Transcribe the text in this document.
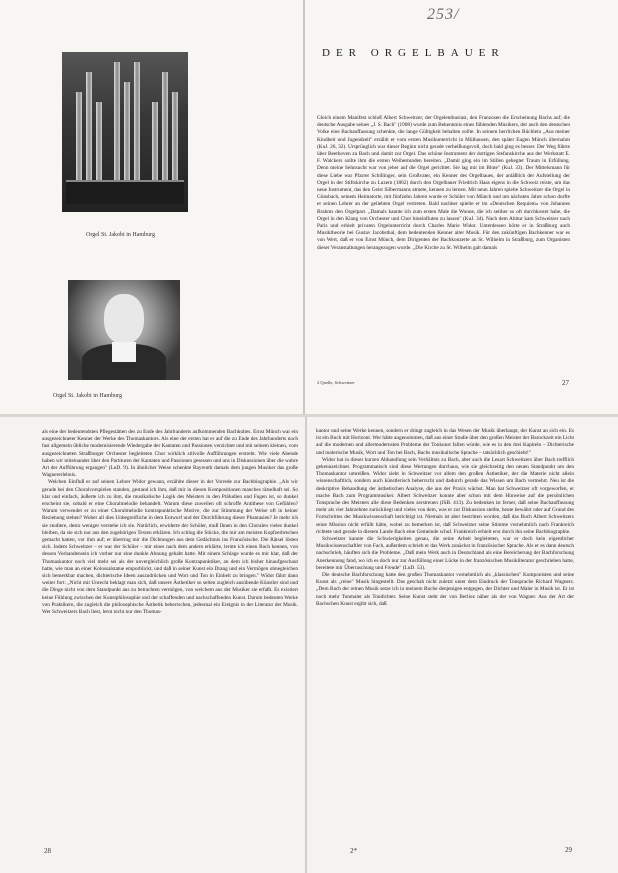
253/
DER ORGELBAUER
Orgel St. Jakobi in Hamburg
Orgel St. Jakobi in Hamburg

Gleich einem Manifest schloß Albert Schweitzer, der Orgelenthusiast, den Franzosen die Erscheinung Bachs auf; die deutsche Ausgabe seines „J. S. Bach" (1908) wurde zum Bekenntnis eines fühlenden Musikers, der auch den deutschen Volke eine Bachauffassung schenkte, die lange Gültigkeit behalten sollte. In seinem herrlichen Büchlein „Aus meiner Kindheit und Jugendzeit" erzählt er vom ersten Musikunterricht in Mülhausen, den später Eugen Münch übernahm (KuJ. 26, 32). Ursprünglich war dieser Beginn nicht gerade verheißungsvoll, doch bald ging es besser. Der Weg führte über Beethoven zu Bach und damit zur Orgel. Das schöne Instrument der dortigen Stefanskirche aus der Werkstatt E. F. Walckers sollte ihm die ersten Weihestunden bereiten. „Damit ging ein im Stillen gehegter Traum in Erfüllung. Denn meine Sehnsucht war von jeher auf die Orgel gerichtet. Sie lag mir im Blute" (KuJ. 33). Der Mittelsmann für diese Liebe war Pfarrer Schillinger, sein Großvater, ein Kenner des Orgelbaues, der anläßlich der Aufstellung der Orgel in der Stiftskirche zu Luzern (1862) durch den Orgelbauer Friedrich Haas eigens in die Schweiz reiste, um das neue Instrument, das den Geist Silbermanns atmete, kennen zu lernen. Mit neun Jahren spielte Schweitzer die Orgel in Günsbach, seinem Heimatorte, mit fünfzehn Jahren wurde er Schüler von Münch und um nächsten Jahre schon durfte er seinen Lehrer an der geliebten Orgel vertreten. Bald nachher spielte er im »Deutschen Requiem« von Johannes Brahms den Orgelpart. „Damals kannte ich zum ersten Male die Wonne, die ich seither so oft durchkostet habe, die Orgel in den Klang von Orchester und Chor hineinfluten zu lassen" (KuJ. 34). Nach dem Abitur kam Schweitzer nach Paris und erhielt privaten Orgelunterricht durch Charles Marie Widor. Unterdessen hörte er in Straßburg auch Musiktheorie bei Gustav Jacobsthal, dem bedeutenden Kenner alter Musik. Für den zukünftigen Bachkenner war es von Wert, daß er von Ernst Münch, dem Dirigenten der Bachkonzerte an St. Wilhelm in Straßburg, zum Organisten dieser Veranstaltungen herangezogen wurde. „Die Kirche zu St. Wilhelm galt damals

2 Quelle, Schweitzer	27

als eine der bedeutendsten Pflegestätten des zu Ende des Jahrhunderts aufkommenden Bachkultes. Ernst Münch war ein ausgezeichneter Kenner der Werke des Thomaskantors. Als eine der ersten hat er auf die zu Ende des Jahrhunderts noch fast allgemein übliche modernisierende Wiedergabe der Kantaten und Passionen verzichtet und mit seinem kleinen, vom ausgezeichneten Straßburger Orchester begleiteten Chor wirklich stilvolle Aufführungen erstrebt. Wie viele Abende haben wir miteinander über den Partituren der Kantaten und Passionen gesessen und uns in Diskussionen über die wahre Art der Aufführung ergangen" (LuD. 9). In ähnlicher Weise schenkte Bayreuth damals dem jungen Musiker das große Wagnererlebnis.

Welchen Einfluß er auf seinen Lehrer Widor gewann, erzählte dieser in der Vorrede zur Bachbiographie. „Als wir gerade bei den Choralvorspielen standen, gestand ich ihm, daß mir in diesen Kompositionen manches rätselhaft sei. So klar und einfach, äußerte ich zu ihm, die musikalische Logik des Meisters in den Präludien und Fugen ist, so dunkel erscheint sie, sobald er eine Choralmelodie behandelt. Warum diese zuweilen oft schroffe Antithese von Gefühlen? Warum verwendet er zu einer Choralmelodie kontrapunktische Motive, die zur Stimmung der Weise oft in keiner Beziehung stehen? Woher all dies Unbegreifliche in dem Entwurf und der Durchführung dieser Phantasien? Je mehr ich sie studiere, desto weniger verstehe ich sie. Natürlich, erwiderte der Schüler, muß Ihnen in den Choralen vieles dunkel bleiben, da sie sich nur aus den zugehörigen Texten erklären. Ich schlug die Stücke, die mir am meisten Kopfzerbrechen gemacht hatten, vor ihm auf; er übertrug mir die Dichtungen aus dem Gedächtnis ins Französische. Die Rätsel lösten sich. Indem Schweitzer – er war der Schüler – mir eines nach dem andern erklärte, lernte ich einen Bach kennen, von dessen Vorhandensein ich vorher nur eine dunkle Ahnung gehabt hatte. Mit einem Schlage wurde es mir klar, daß der Thomaskantor noch viel mehr sei als der unvergleichlich große Kontrapunktiker, an dem ich bisher hinaufgeschaut hatte, wie man an einer Kolossalstatue emporblickt, und daß in seiner Kunst ein Drang und ein Vermögen ohnegleichen sich bemerkbar machen, dichterische Ideen auszudrücken und Wort und Ton in Einheit zu bringen." Widor fährt dann weiter fort: „Nicht mit Unrecht beklagt man sich, daß unsere Ästhetiker so selten zugleich ausübende Künstler sind und die Dinge nicht von dem Standpunkt aus zu betrachten vermögen, von welchem aus der Musiker sie erfaßt. Es existiert keine Fühlung zwischen der Kunstphilosophie und der schaffenden und nachschaffenden Kunst. Darum bedeuten Werke von Praktikern, die zugleich die philosophische Ästhetik beherrschen, jedesmal ein Ereignis in der Literatur der Musik. Wer Schweitzers Bach liest, lernt nicht nur den Thomas-

kantor und seine Werke kennen, sondern er dringt zugleich in das Wesen der Musik überhaupt, der Kunst an sich ein. Es ist ein Buch mit Horizont. Wer hätte angenommen, daß aus einer Studie über den großen Meister der Barockzeit ein Licht auf die modernen und allermodernsten Probleme der Tonkunst fallen würde, wie es in den drei Kapiteln – Dichterische und malerische Musik, Wort und Ton bei Bach, Bachs musikalische Sprache – tatsächlich geschieht!"

Widor hat in dieser kurzen Abhandlung sein Verhältnis zu Bach, aber auch die Lesart Schweitzers über Bach trefflich gekennzeichnet. Programmatisch sind diese Wertungen durchaus, wie sie gleichzeitig den neuen Standpunkt um den Thomaskantor umreißen. Widor sieht in Schweitzer vor allem den großen Ästhetiker, der die Materie nicht allein wissenschaftlich, sondern auch künstlerisch beherrscht und dadurch gerade das Wissen um Bach vermehrt. Neu ist die deskriptive Behandlung der ästhetischen Analyse, die aus der Praxis wächst. Man hat Schweitzer oft vorgeworfen, er mache Bach zum Programmusiker. Albert Schweitzer konnte aber schon mit dem Hinweise auf die persönlichen Tonsprache des Meisters alle diese Bedenken zerstreuen (JSB. 413). Zu bedenken ist ferner, daß seine Bachauffassung mehr als vier Jahrzehnte zurückliegt und vieles von dem, was er zur Diskussion stellte, heute bewährt oder auf Grund des Fortschrittes der Musikwissenschaft berichtigt ist. Niemals ist aber bestritten worden, daß das Buch Albert Schweitzers seine Mission nicht erfüllt hätte, wobei zu bemerken ist, daß Schweitzer seine Stimme vornehmlich nach Frankreich richtete und gerade in diesem Lande Bach eine Gemeinde schuf. Frankreich erhielt erst durch ihn seine Bachbiographie.

Schweitzer kannte die Schwierigkeiten genau, die seine Arbeit begleiteten, war er doch kein eigentlicher Musikwissenschaftler von Fach, außerdem schrieb er das Werk zunächst in französischer Sprache. Als er es dann deutsch nachschrieb, häuften sich die Probleme. „Daß mein Werk auch in Deutschland als eine Bereicherung der Bachforschung Anerkennung fand, wo ich es doch nur zur Ausfüllung einer Lücke in der französischen Musikliteratur geschrieben hatte, bereitete mir Überraschung und Freude" (LuD. 53).

Die deutsche Bachforschung hatte den großen Thomaskantor vornehmlich als „klassischen" Komponisten und seine Kunst als „reine" Musik hingestellt. Das geschah nicht zuletzt unter dem Eindruck der Tonsprache Richard Wagners. „Dem Bach der reinen Musik setze ich in meinem Buche denjenigen entgegen, der Dichter und Maler in Musik ist. Er ist noch mehr Tonmaler als Tondichter. Seine Kunst steht der von Berlioz näher als der von Wagner. Aus der Art der Bachschen Kunst ergibt sich, daß

28	2*	29
